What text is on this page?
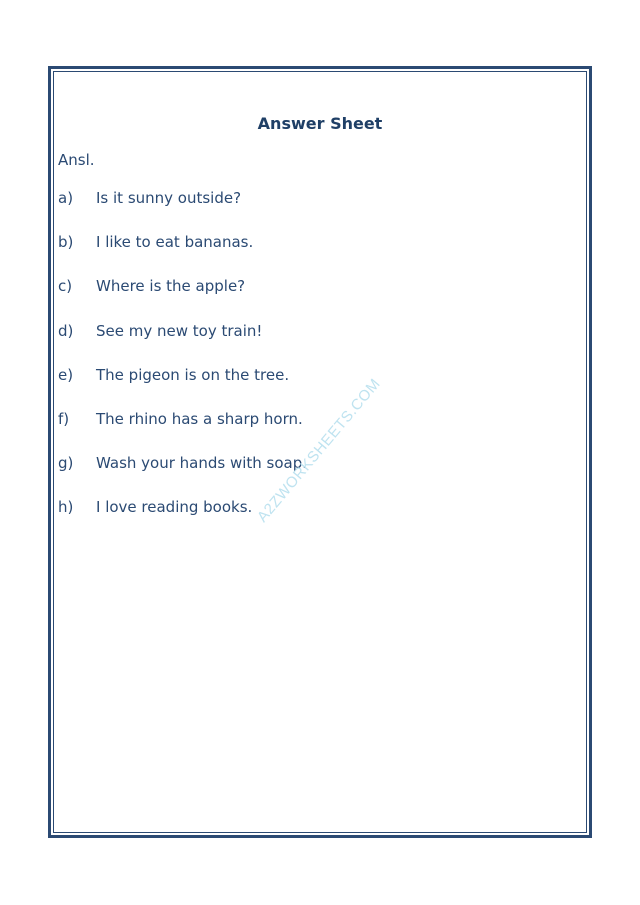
Answer Sheet
Ansl.
a) Is it sunny outside?
b) I like to eat bananas.
c) Where is the apple?
d) See my new toy train!
e) The pigeon is on the tree.
f) The rhino has a sharp horn.
g) Wash your hands with soap.
h) I love reading books. A2ZWORKSHEETS.COM
